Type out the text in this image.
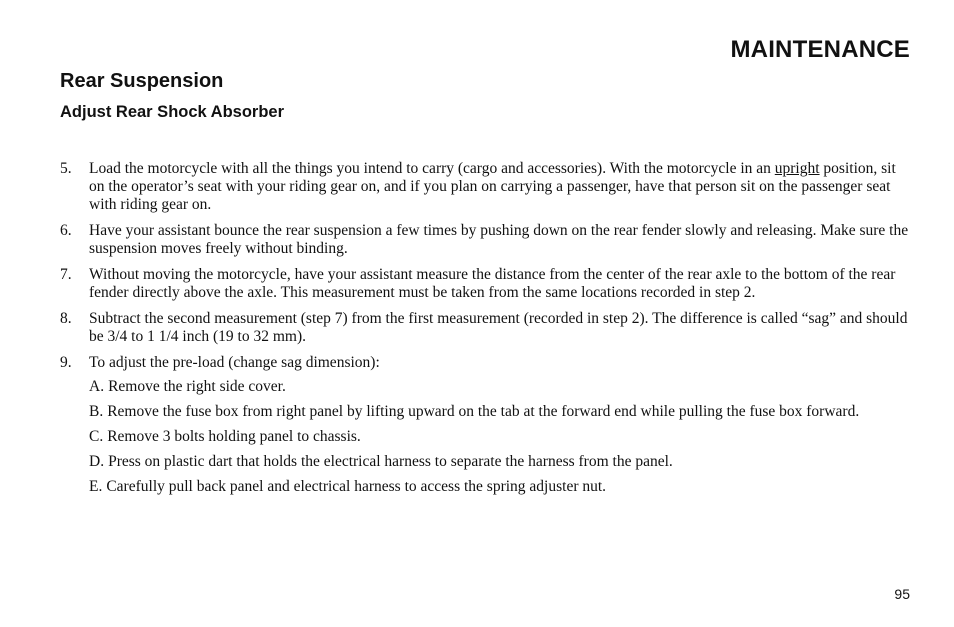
MAINTENANCE
Rear Suspension
Adjust Rear Shock Absorber
5.	Load the motorcycle with all the things you intend to carry (cargo and accessories). With the motorcycle in an upright position, sit on the operator’s seat with your riding gear on, and if you plan on carrying a passenger, have that person sit on the passenger seat with riding gear on.
6.	Have your assistant bounce the rear suspension a few times by pushing down on the rear fender slowly and releasing. Make sure the suspension moves freely without binding.
7.	Without moving the motorcycle, have your assistant measure the distance from the center of the rear axle to the bottom of the rear fender directly above the axle. This measurement must be taken from the same locations recorded in step 2.
8.	Subtract the second measurement (step 7) from the first measurement (recorded in step 2). The difference is called “sag” and should be 3/4 to 1 1/4 inch (19 to 32 mm).
9.	To adjust the pre-load (change sag dimension):
A. Remove the right side cover.
B. Remove the fuse box from right panel by lifting upward on the tab at the forward end while pulling the fuse box forward.
C. Remove 3 bolts holding panel to chassis.
D. Press on plastic dart that holds the electrical harness to separate the harness from the panel.
E. Carefully pull back panel and electrical harness to access the spring adjuster nut.

95
